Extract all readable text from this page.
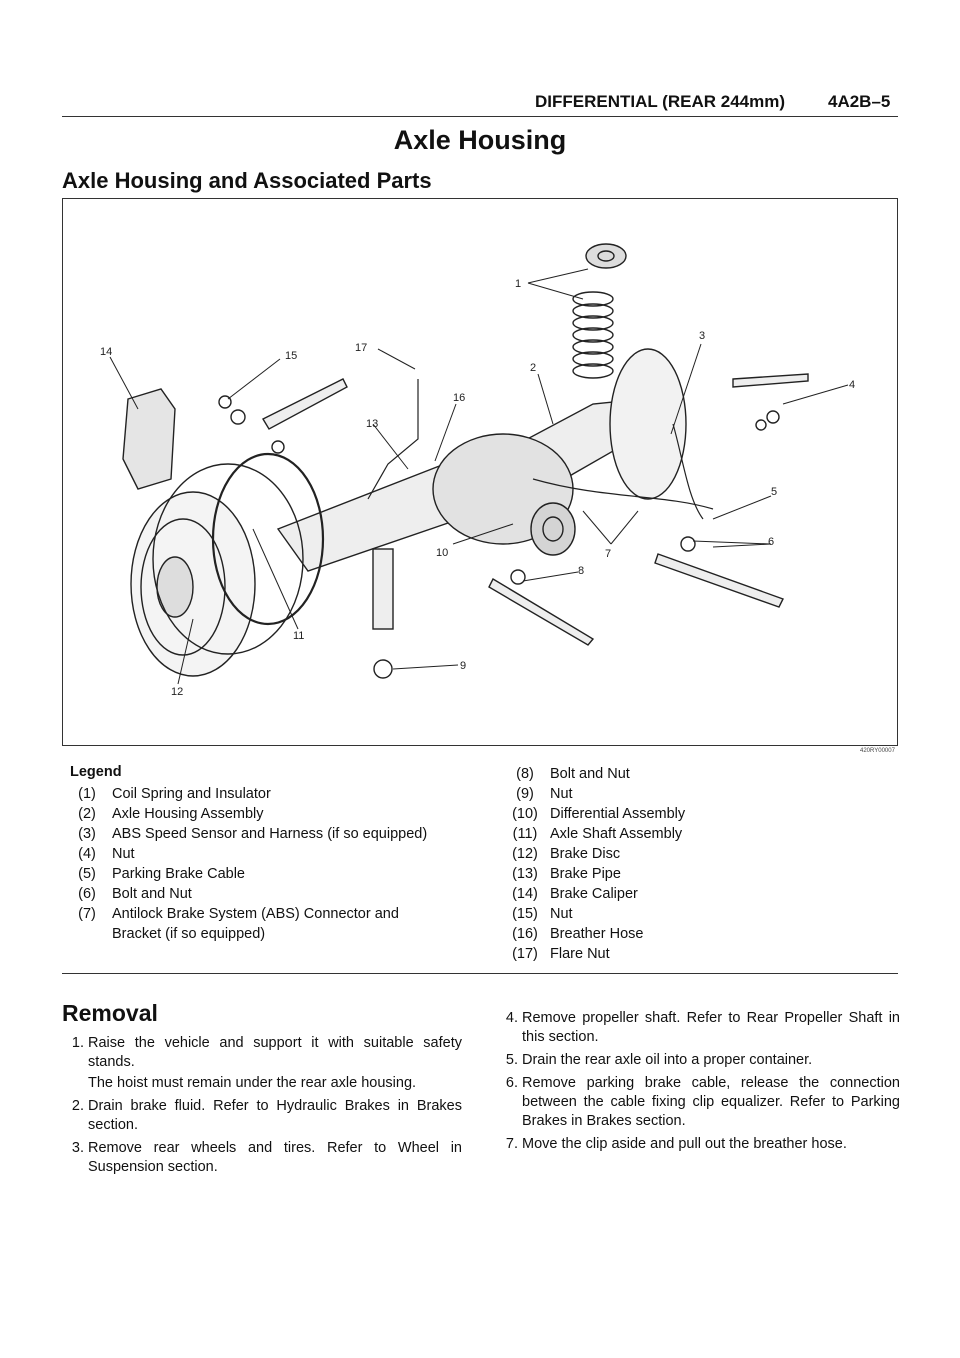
DIFFERENTIAL (REAR 244mm)	4A2B–5
Axle Housing
Axle Housing and Associated Parts
1
2
3
4
5
6
7
8
9
10
11
12
13
14	15
16
17
420RY00007
Legend
(1)	Coil Spring and Insulator
(2)	Axle Housing Assembly
(3)	ABS Speed Sensor and Harness (if so equipped)
(4)	Nut
(5)	Parking Brake Cable
(6)	Bolt and Nut
(7)	Antilock Brake System (ABS) Connector and Bracket (if so equipped)
(8)	Bolt and Nut
(9)	Nut
(10) Differential Assembly
(11) Axle Shaft Assembly
(12) Brake Disc
(13) Brake Pipe
(14) Brake Caliper
(15) Nut
(16) Breather Hose
(17) Flare Nut
Removal
1. Raise the vehicle and support it with suitable safety stands.
The hoist must remain under the rear axle housing.
2. Drain brake fluid. Refer to Hydraulic Brakes in Brakes section.
3. Remove rear wheels and tires. Refer to Wheel in Suspension section.
4. Remove propeller shaft. Refer to Rear Propeller Shaft in this section.
5. Drain the rear axle oil into a proper container.
6. Remove parking brake cable, release the connection between the cable fixing clip equalizer. Refer to Parking Brakes in Brakes section.
7. Move the clip aside and pull out the breather hose.
